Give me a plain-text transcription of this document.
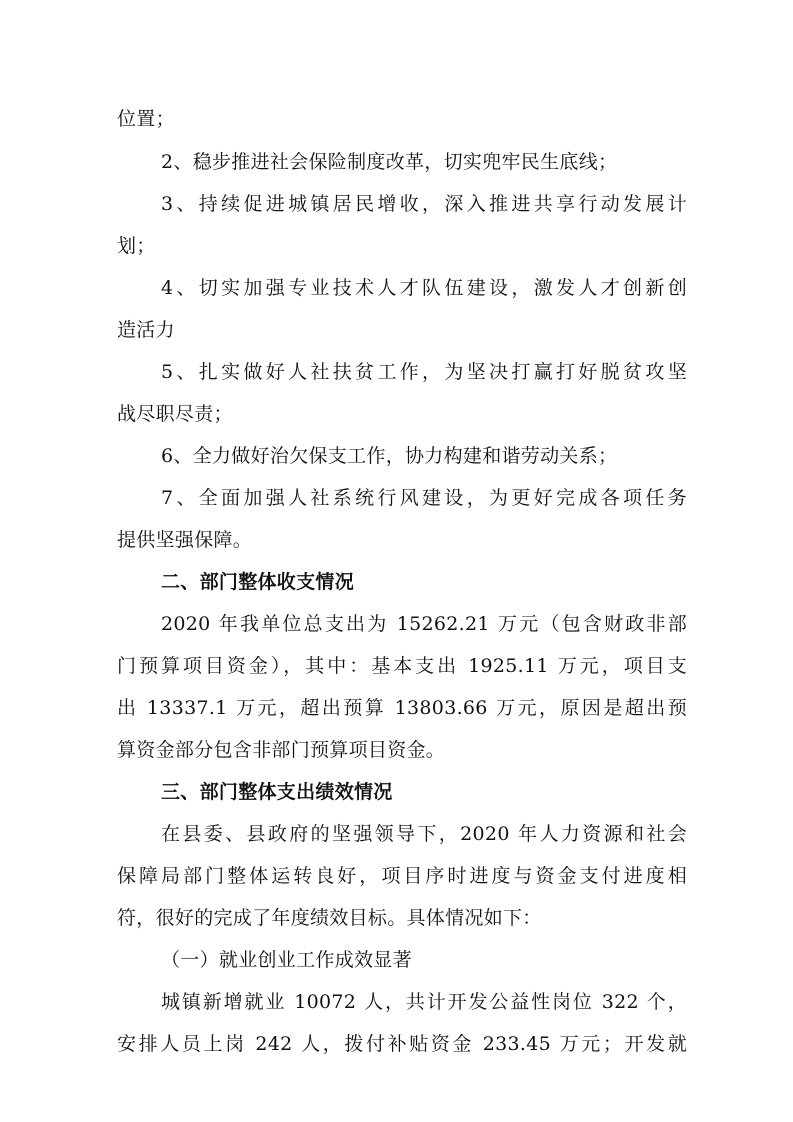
位置；
2、稳步推进社会保险制度改革，切实兜牢民生底线；
3、持续促进城镇居民增收，深入推进共享行动发展计
划；
4、切实加强专业技术人才队伍建设，激发人才创新创
造活力
5、扎实做好人社扶贫工作，为坚决打赢打好脱贫攻坚
战尽职尽责；
6、全力做好治欠保支工作，协力构建和谐劳动关系；
7、全面加强人社系统行风建设，为更好完成各项任务
提供坚强保障。
二、部门整体收支情况
2020 年我单位总支出为 15262.21 万元（包含财政非部
门预算项目资金），其中：基本支出 1925.11 万元，项目支
出 13337.1 万元，超出预算 13803.66 万元，原因是超出预
算资金部分包含非部门预算项目资金。
三、部门整体支出绩效情况
在县委、县政府的坚强领导下，2020 年人力资源和社会
保障局部门整体运转良好，项目序时进度与资金支付进度相
符，很好的完成了年度绩效目标。具体情况如下：
（一）就业创业工作成效显著
城镇新增就业 10072 人，共计开发公益性岗位 322 个，
安排人员上岗 242 人，拨付补贴资金 233.45 万元；开发就
